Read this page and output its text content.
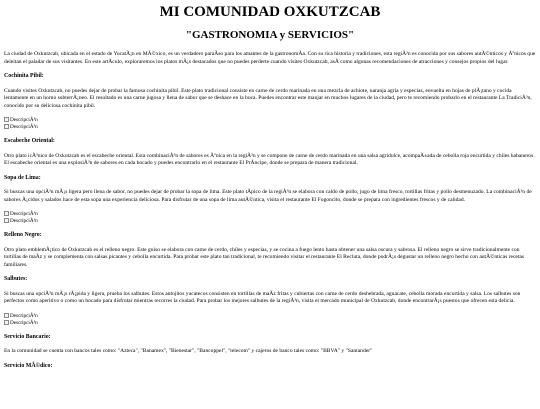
MI COMUNIDAD OXKUTZCAB
"GASTRONOMIA y SERVICIOS"

La ciudad de Oxkutzcab, ubicada en el estado de YucatÃ¡n en MÃ©xico, es un verdadero paraÃso para los amantes de la gastronomÃa. Con su rica historia y tradiciones, esta regiÃ³n es conocida por sus sabores autÃ©nticos y Ãºnicos que deleitan el paladar de sus visitantes. En este artÃculo, exploraremos los platos mÃ¡s destacados que no puedes perderte cuando visites Oxkutzcab, asÃ como algunas recomendaciones de atracciones y consejos propios del lugar.

Cochinita Pibil:

Cuando visites Oxkutzcab, no puedes dejar de probar la famosa cochinita pibil. Este plato tradicional consiste en carne de cerdo marinada en una mezcla de achiote, naranja agria y especias, envuelta en hojas de plÃ¡tano y cocida lentamente en un horno subterrÃ¡neo. El resultado es una carne jugosa y llena de sabor que se deshace en la boca. Puedes encontrar este manjar en muchos lugares de la ciudad, pero te recomiendo probarlo en el restaurante La TradiciÃ³n, conocido por su deliciosa cochinita pibil.

DescripciÃ³n
DescripciÃ³n
Escabeche Oriental:

Otro plato icÃ³nico de Oxkutzcab es el escabeche oriental. Esta combinaciÃ³n de sabores es Ãºnica en la regiÃ³n y se compone de carne de cerdo marinada en una salsa agridulce, acompaÃ±ada de cebolla roja encurtida y chiles habaneros. El escabeche oriental es una explosiÃ³n de sabores en cada bocado y puedes encontrarlo en el restaurante El PrÃncipe, donde se prepara de manera tradicional.

Sopa de Lima:

Si buscas una opciÃ³n mÃ¡s ligera pero llena de sabor, no puedes dejar de probar la sopa de lima. Este plato tÃpico de la regiÃ³n se elabora con caldo de pollo, jugo de lima fresco, tortillas fritas y pollo desmenuzado. La combinaciÃ³n de sabores Ã¡cidos y salados hace de esta sopa una experiencia deliciosa. Para disfrutar de una sopa de lima autÃ©ntica, visita el restaurante El Fogoncito, donde se prepara con ingredientes frescos y de calidad.

DescripciÃ³n
DescripciÃ³n
Relleno Negro:

Otro plato emblemÃ¡tico de Oxkutzcab es el relleno negro. Este guiso se elabora con carne de cerdo, chiles y especias, y se cocina a fuego lento hasta obtener una salsa oscura y sabrosa. El relleno negro se sirve tradicionalmente con tortillas de maÃz y se complementa con salsas picantes y cebolla encurtida. Para probar este plato tan tradicional, te recomiendo visitar el restaurante El Recluta, donde podrÃ¡s degustar un relleno negro hecho con autÃ©nticas recetas familiares.

Salbutes:

Si buscas una opciÃ³n mÃ¡s rÃ¡pida y ligera, prueba los salbutes. Estos antojitos yucatecos consisten en tortillas de maÃz fritas y cubiertas con carne de cerdo deshebrada, aguacate, cebolla morada encurtida y salsa. Los salbutes son perfectos como aperitivo o como un bocado para disfrutar mientras recorres la ciudad. Para probar los mejores salbutes de la regiÃ³n, visita el mercado municipal de Oxkutzcab, donde encontrarÃ¡s puestos que ofrecen esta delicia.

DescripciÃ³n
DescripciÃ³n
Servicio Bancario:

En la comunidad se cuenta con bancos tales como: "Azteca", "Banamex", "Bienestar", "Bancoppel", "telecom" y cajeros de banco tales como: "BBVA" y "Santander"

Servicio MÃ©dico:
